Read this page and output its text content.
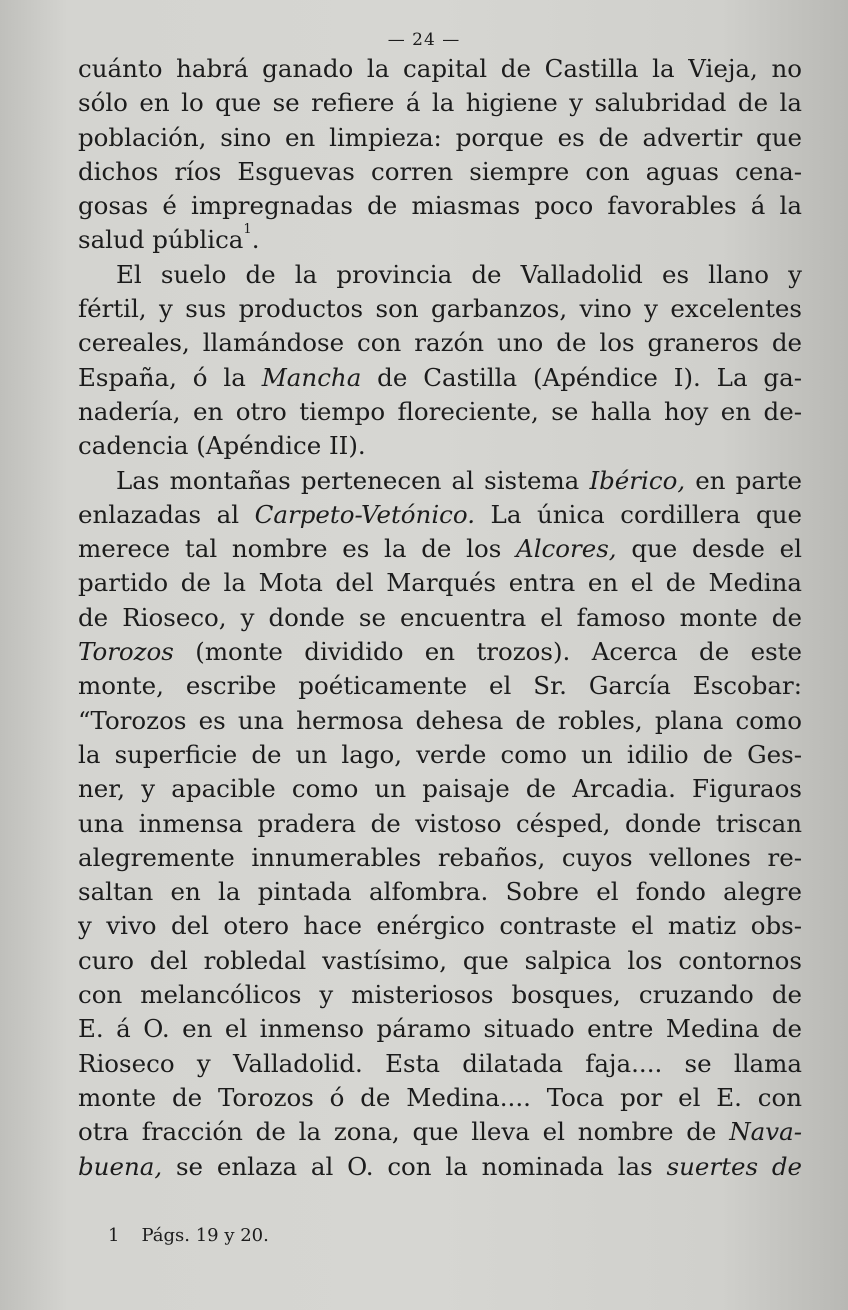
— 24 —
cuánto habrá ganado la capital de Castilla la Vieja, no
sólo en lo que se refiere á la higiene y salubridad de la
población, sino en limpieza: porque es de advertir que
dichos ríos Esguevas corren siempre con aguas cena-
gosas é impregnadas de miasmas poco favorables á la
salud pública$^1$.
El suelo de la provincia de Valladolid es llano y
fértil, y sus productos son garbanzos, vino y excelentes
cereales, llamándose con razón uno de los graneros de
España, ó la Mancha de Castilla (Apéndice I). La ga-
nadería, en otro tiempo floreciente, se halla hoy en de-
cadencia (Apéndice II).
Las montañas pertenecen al sistema Ibérico, en parte
enlazadas al Carpeto-Vetónico. La única cordillera que
merece tal nombre es la de los Alcores, que desde el
partido de la Mota del Marqués entra en el de Medina
de Rioseco, y donde se encuentra el famoso monte de
Torozos (monte dividido en trozos). Acerca de este
monte, escribe poéticamente el Sr. García Escobar:
“Torozos es una hermosa dehesa de robles, plana como
la superficie de un lago, verde como un idilio de Ges-
ner, y apacible como un paisaje de Arcadia. Figuraos
una inmensa pradera de vistoso césped, donde triscan
alegremente innumerables rebaños, cuyos vellones re-
saltan en la pintada alfombra. Sobre el fondo alegre
y vivo del otero hace enérgico contraste el matiz obs-
curo del robledal vastísimo, que salpica los contornos
con melancólicos y misteriosos bosques, cruzando de
E. á O. en el inmenso páramo situado entre Medina de
Rioseco y Valladolid. Esta dilatada faja.... se llama
monte de Torozos ó de Medina.... Toca por el E. con
otra fracción de la zona, que lleva el nombre de Nava-
buena, se enlaza al O. con la nominada las suertes de
1 Págs. 19 y 20.
